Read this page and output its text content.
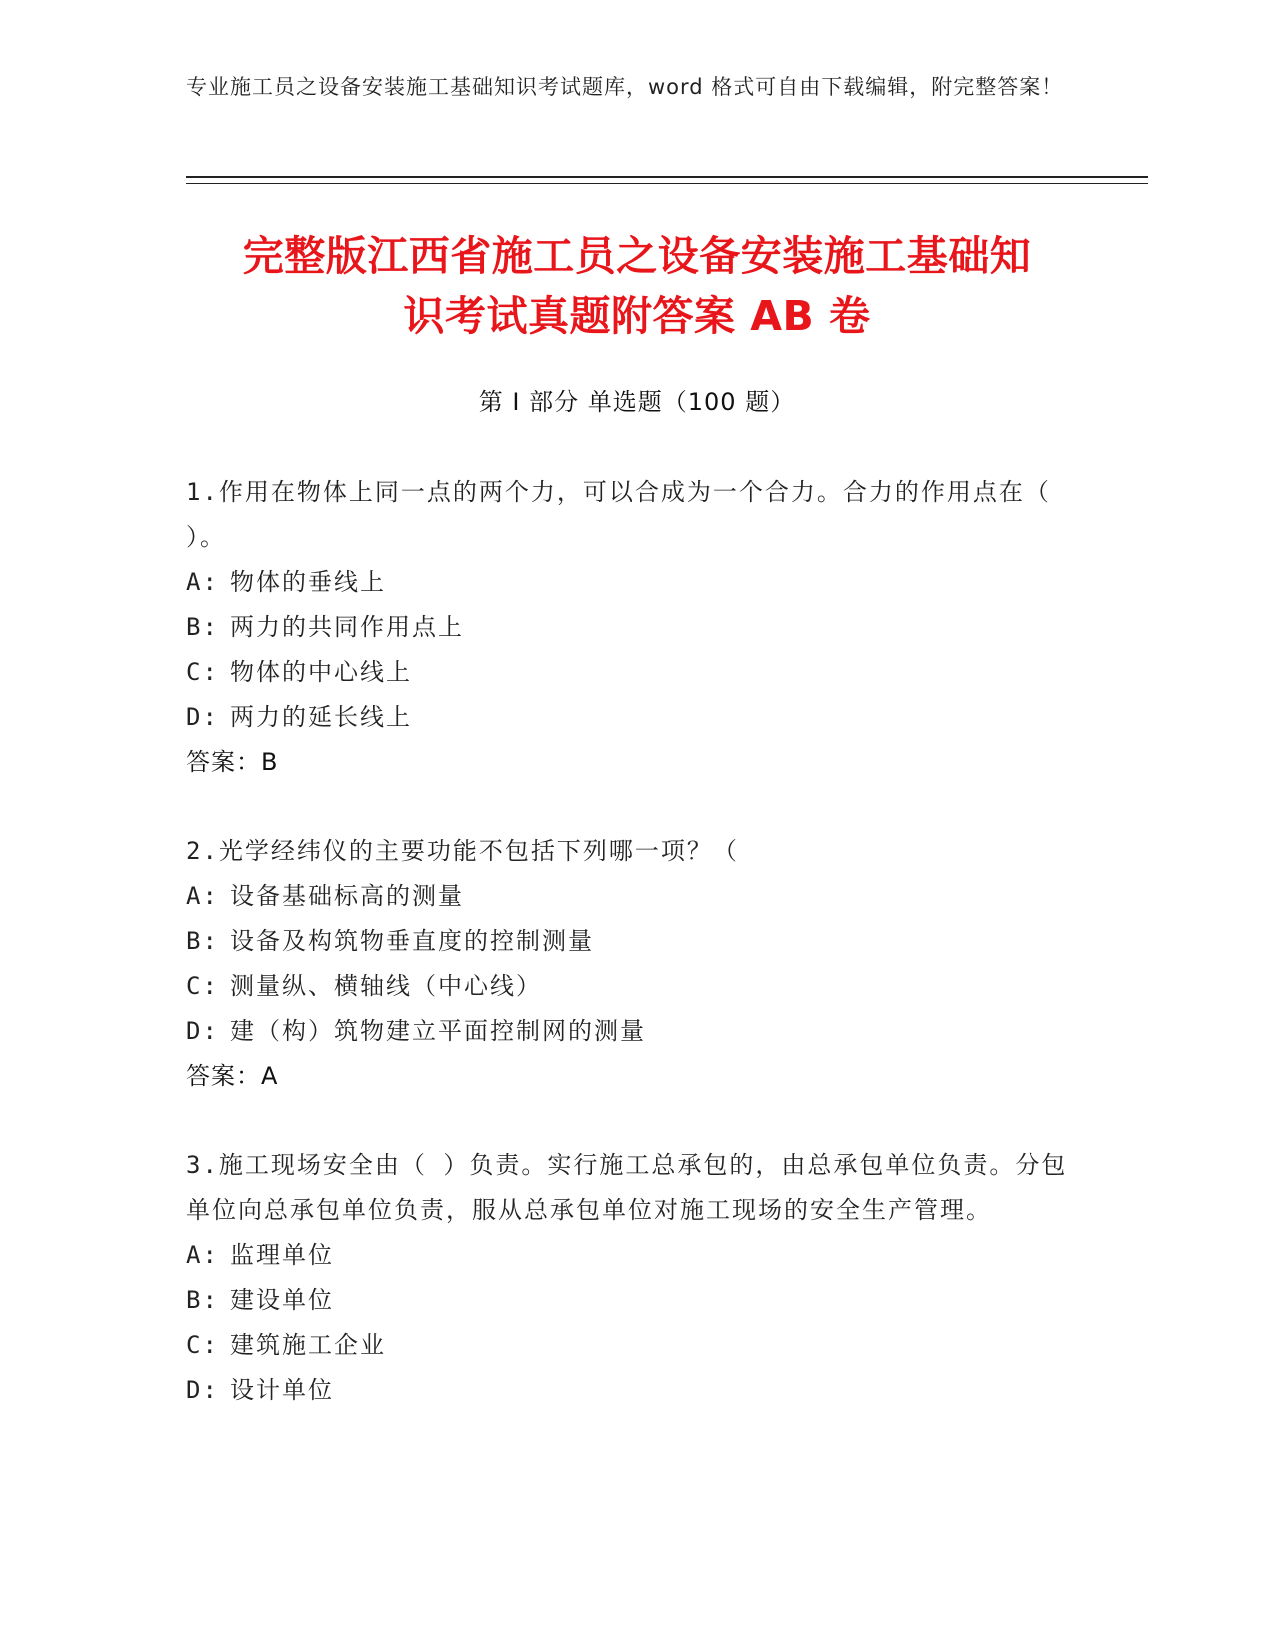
专业施工员之设备安装施工基础知识考试题库，word 格式可自由下载编辑，附完整答案！
完整版江西省施工员之设备安装施工基础知
识考试真题附答案 AB 卷
第 I 部分 单选题（100 题）
1.作用在物体上同一点的两个力，可以合成为一个合力。合力的作用点在（ ）。
A: 物体的垂线上
B: 两力的共同作用点上
C: 物体的中心线上
D: 两力的延长线上
答案：B
2.光学经纬仪的主要功能不包括下列哪一项？（
A: 设备基础标高的测量
B: 设备及构筑物垂直度的控制测量
C: 测量纵、横轴线（中心线）
D: 建（构）筑物建立平面控制网的测量
答案：A
3.施工现场安全由（ ）负责。实行施工总承包的，由总承包单位负责。分包单位向总承包单位负责，服从总承包单位对施工现场的安全生产管理。
A: 监理单位
B: 建设单位
C: 建筑施工企业
D: 设计单位
